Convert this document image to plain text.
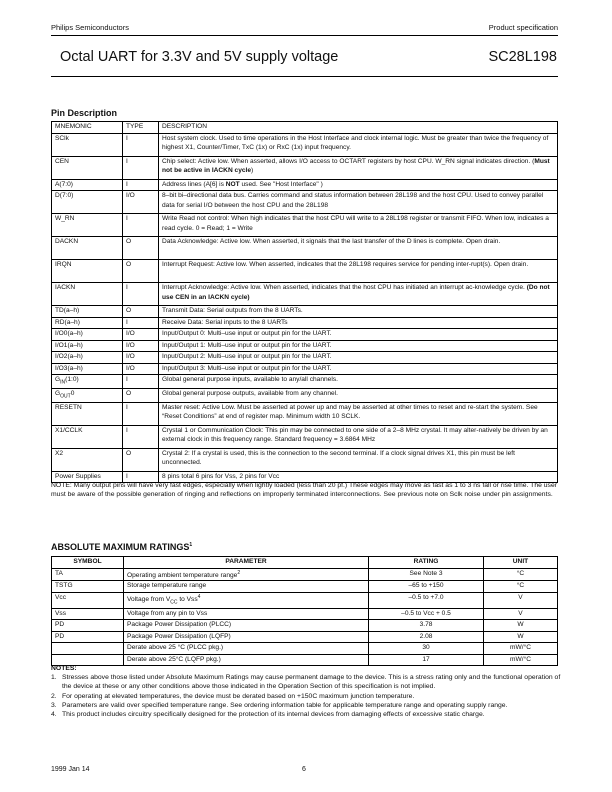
Philips Semiconductors	Product specification
Octal UART for 3.3V and 5V supply voltage	SC28L198
Pin Description
MNEMONIC	TYPE	DESCRIPTION
SClk	I	Host system clock. Used to time operations in the Host Interface and clock internal logic. Must be greater than twice the frequency of highest X1, Counter/Timer, TxC (1x) or RxC (1x) input frequency.
CEN	I	Chip select: Active low. When asserted, allows I/O access to OCTART registers by host CPU. W_RN signal indicates direction. (Must not be active in IACKN cycle)
A(7:0)	I	Address lines (A[6] is NOT used. See "Host Interface" )
D(7:0)	I/O	8–bit bi–directional data bus. Carries command and status information between 28L198 and the host CPU. Used to convey parallel data for serial I/O between the host CPU and the 28L198
W_RN	I	Write Read not control: When high indicates that the host CPU will write to a 28L198 register or transmit FIFO. When low, indicates a read cycle. 0 = Read; 1 = Write
DACKN	O	Data Acknowledge: Active low. When asserted, it signals that the last transfer of the D lines is complete. Open drain.
IRQN	O	Interrupt Request: Active low. When asserted, indicates that the 28L198 requires service for pending inter-rupt(s). Open drain.
IACKN	I	Interrupt Acknowledge: Active low. When asserted, indicates that the host CPU has initiated an interrupt ac-knowledge cycle. (Do not use CEN in an IACKN cycle)
TD(a–h)	O	Transmit Data: Serial outputs from the 8 UARTs.
RD(a–h)	I	Receive Data: Serial inputs to the 8 UARTs
I/O0(a–h)	I/O	Input/Output 0: Multi–use input or output pin for the UART.
I/O1(a–h)	I/O	Input/Output 1: Multi–use input or output pin for the UART.
I/O2(a–h)	I/O	Input/Output 2: Multi–use input or output pin for the UART.
I/O3(a–h)	I/O	Input/Output 3: Multi–use input or output pin for the UART.
$G_{IN}(1:0)$	I	Global general purpose inputs, available to any/all channels.
$G_{OUT}0$	O	Global general purpose outputs, available from any channel.
RESETN	I	Master reset: Active Low. Must be asserted at power up and may be asserted at other times to reset and re-start the system. See “Reset Conditions” at end of register map. Minimum width 10 SCLK.
X1/CCLK	I	Crystal 1 or Communication Clock: This pin may be connected to one side of a 2–8 MHz crystal. It may alter-natively be driven by an external clock in this frequency range. Standard frequency = 3.6864 MHz
X2	O	Crystal 2: If a crystal is used, this is the connection to the second terminal. If a clock signal drives X1, this pin must be left unconnected.
Power Supplies	I	8 pins total 6 pins for Vss, 2 pins for Vcc
NOTE: Many output pins will have very fast edges, especially when lightly loaded (less than 20 pf.) These edges may move as fast as 1 to 3 ns fall or rise time. The user must be aware of the possible generation of ringing and reflections on improperly terminated interconnections. See previous note on Sclk noise under pin assignments.
ABSOLUTE MAXIMUM RATINGS$^1$
SYMBOL	PARAMETER	RATING	UNIT
TA	Operating ambient temperature range$^2$	See Note 3	°C
TSTG	Storage temperature range	–65 to +150	°C
Vcc	Voltage from $V_{CC}$ to Vss$^4$	–0.5 to +7.0	V
Vss	Voltage from any pin to Vss	–0.5 to Vcc + 0.5	V
PD	Package Power Dissipation (PLCC)	3.78	W
PD	Package Power Dissipation (LQFP)	2.08	W
	Derate above 25 °C (PLCC pkg.)	30	mW/°C
	Derate above 25°C (LQFP pkg.)	17	mW/°C
NOTES:
1. Stresses above those listed under Absolute Maximum Ratings may cause permanent damage to the device. This is a stress rating only and the functional operation of the device at these or any other conditions above those indicated in the Operation Section of this specification is not implied.
2. For operating at elevated temperatures, the device must be derated based on +150C maximum junction temperature.
3. Parameters are valid over specified temperature range. See ordering information table for applicable temperature range and operating supply range.
4. This product includes circuitry specifically designed for the protection of its internal devices from damaging effects of excessive static charge.
1999 Jan 14	6
